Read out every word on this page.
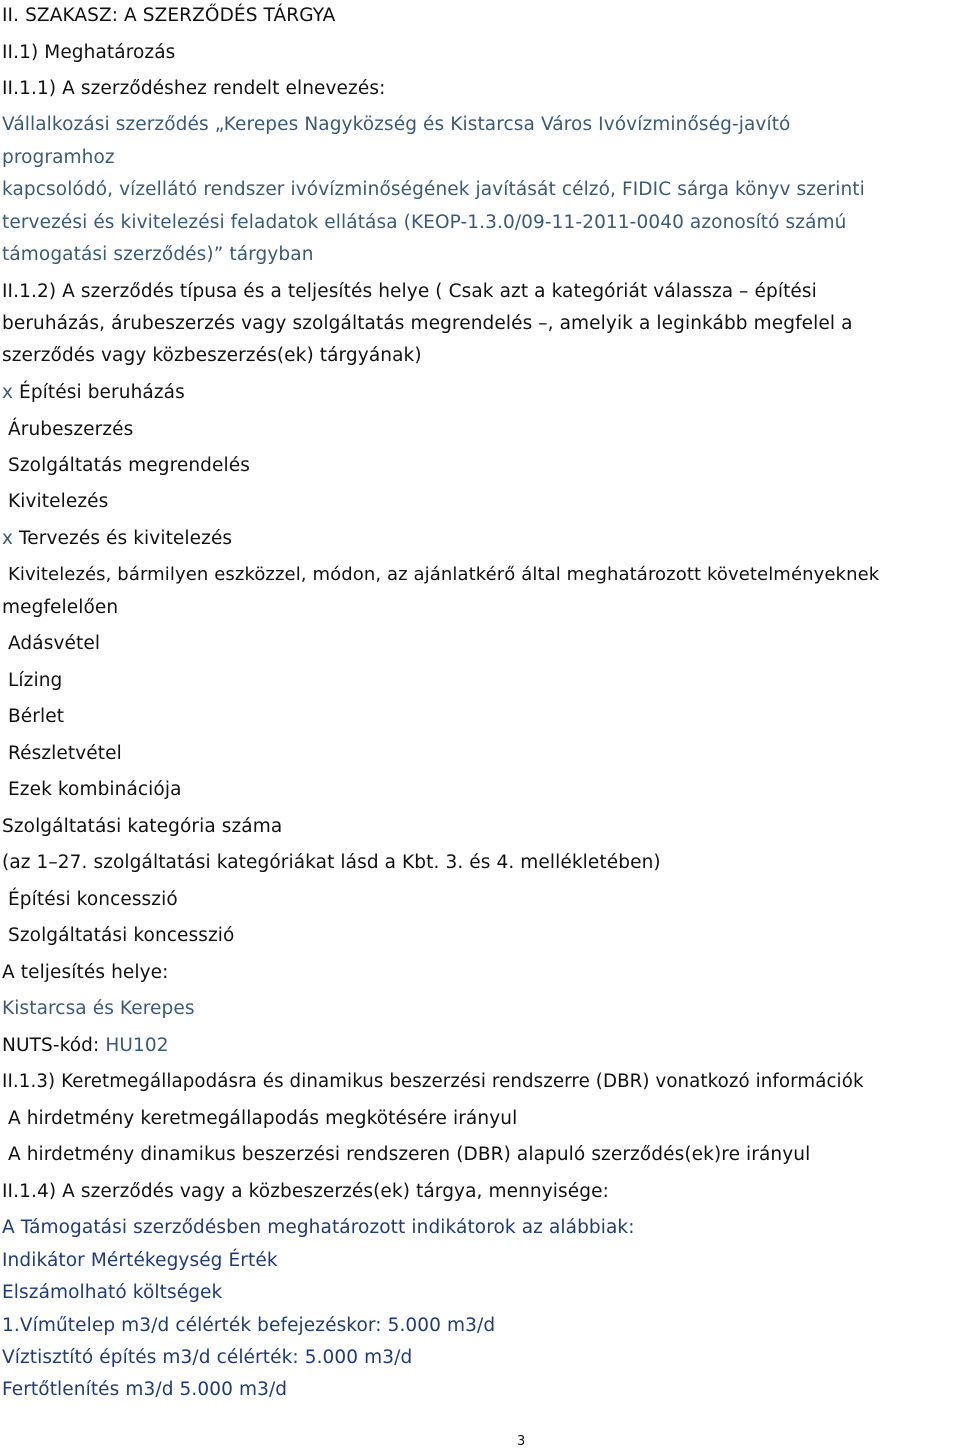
II. SZAKASZ: A SZERZŐDÉS TÁRGYA
II.1) Meghatározás
II.1.1) A szerződéshez rendelt elnevezés:
Vállalkozási szerződés „Kerepes Nagyközség és Kistarcsa Város Ivóvízminőség-javító
programhoz
kapcsolódó, vízellátó rendszer ivóvízminőségének javítását célzó, FIDIC sárga könyv szerinti
tervezési és kivitelezési feladatok ellátása (KEOP-1.3.0/09-11-2011-0040 azonosító számú
támogatási szerződés)” tárgyban
II.1.2) A szerződés típusa és a teljesítés helye ( Csak azt a kategóriát válassza – építési
beruházás, árubeszerzés vagy szolgáltatás megrendelés –, amelyik a leginkább megfelel a
szerződés vagy közbeszerzés(ek) tárgyának)
x Építési beruházás
Árubeszerzés
Szolgáltatás megrendelés
Kivitelezés
x Tervezés és kivitelezés
Kivitelezés, bármilyen eszközzel, módon, az ajánlatkérő által meghatározott követelményeknek
megfelelően
Adásvétel
Lízing
Bérlet
Részletvétel
Ezek kombinációja
Szolgáltatási kategória száma
(az 1–27. szolgáltatási kategóriákat lásd a Kbt. 3. és 4. mellékletében)
Építési koncesszió
Szolgáltatási koncesszió
A teljesítés helye:
Kistarcsa és Kerepes
NUTS-kód: HU102
II.1.3) Keretmegállapodásra és dinamikus beszerzési rendszerre (DBR) vonatkozó információk
A hirdetmény keretmegállapodás megkötésére irányul
A hirdetmény dinamikus beszerzési rendszeren (DBR) alapuló szerződés(ek)re irányul
II.1.4) A szerződés vagy a közbeszerzés(ek) tárgya, mennyisége:
A Támogatási szerződésben meghatározott indikátorok az alábbiak:
Indikátor Mértékegység Érték
Elszámolható költségek
1.Víműtelep m3/d célérték befejezéskor: 5.000 m3/d
Víztisztító építés m3/d célérték: 5.000 m3/d
Fertőtlenítés m3/d 5.000 m3/d
3
